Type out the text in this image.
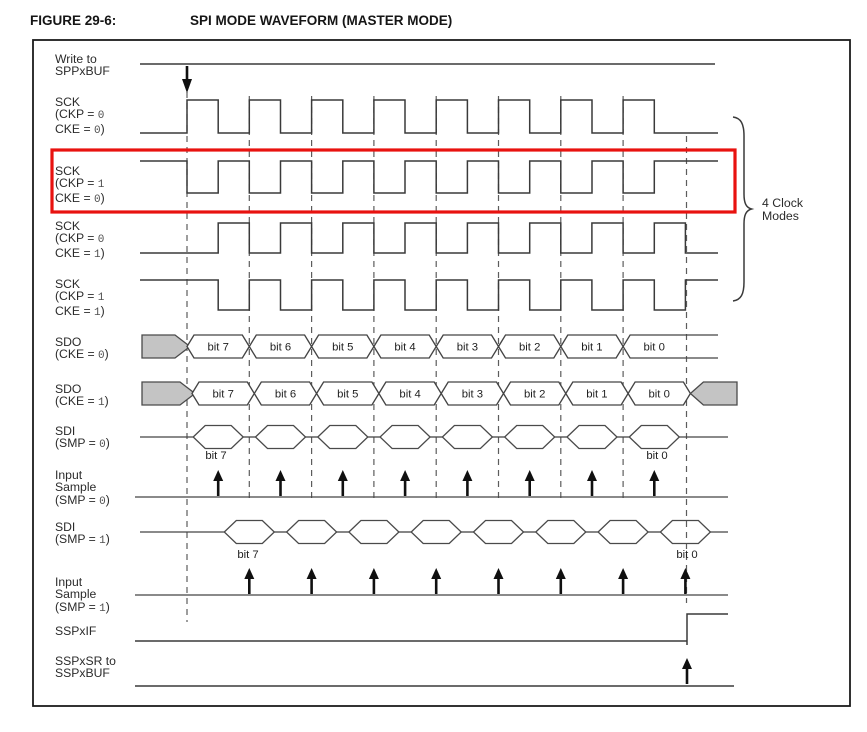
FIGURE 29-6:	SPI MODE WAVEFORM (MASTER MODE)
bit 7
bit 7
bit 6
bit 6
bit 5
bit 5
bit 4
bit 4
bit 3
bit 3
bit 2
bit 2
bit 1
bit 1
bit 0
bit 0
bit 7	bit 0
bit 7	bit 0
Write to
SPPxBUF
SCK
(CKP = 0
CKE = 0)
SCK
(CKP = 1
CKE = 0)
SCK
(CKP = 0
CKE = 1)
SCK
(CKP = 1
CKE = 1)
SDO
(CKE = 0)
SDO
(CKE = 1)
SDI
(SMP = 0)
Input
Sample
(SMP = 0)
SDI
(SMP = 1)
Input
Sample
(SMP = 1)
SSPxIF
SSPxSR to
SSPxBUF
4 Clock
Modes
